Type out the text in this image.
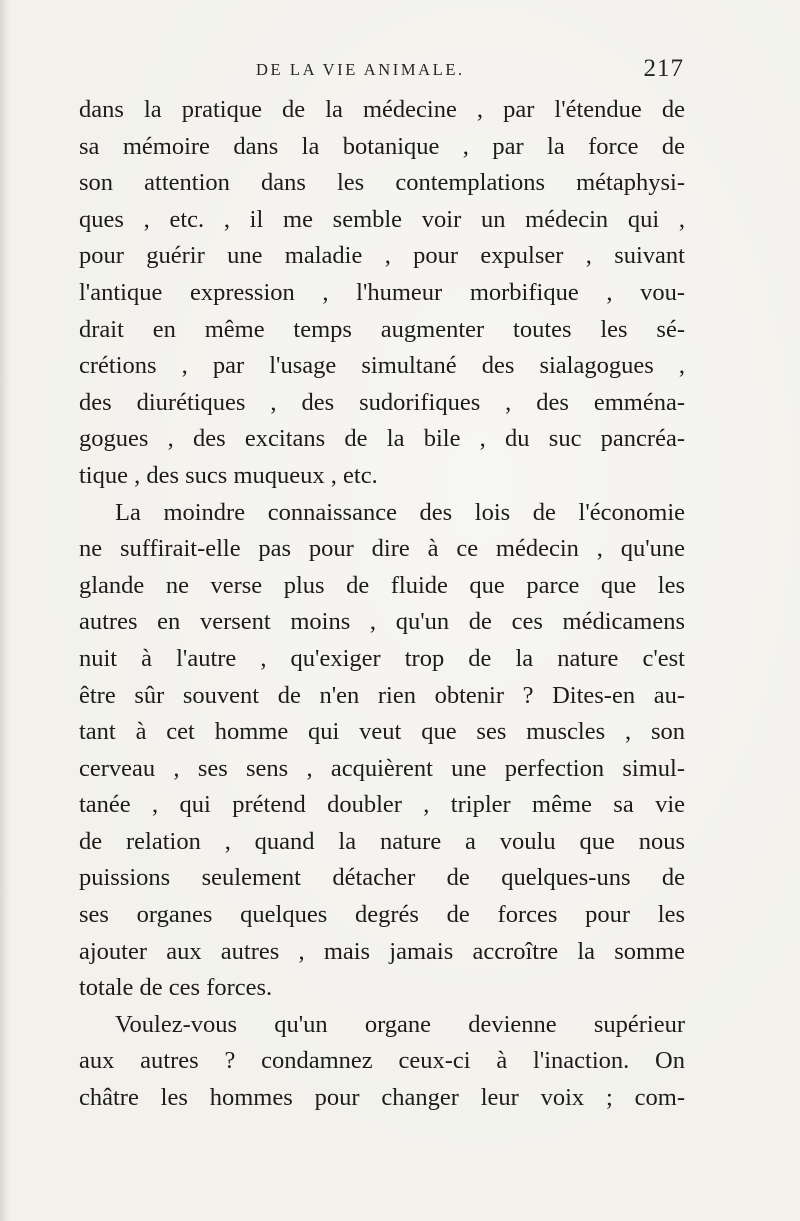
DE LA VIE ANIMALE.	217
dans la pratique de la médecine , par l'étendue de
sa mémoire dans la botanique , par la force de
son attention dans les contemplations métaphysi-
ques , etc. , il me semble voir un médecin qui ,
pour guérir une maladie , pour expulser , suivant
l'antique expression , l'humeur morbifique , vou-
drait en même temps augmenter toutes les sé-
crétions , par l'usage simultané des sialagogues ,
des diurétiques , des sudorifiques , des emména-
gogues , des excitans de la bile , du suc pancréa-
tique , des sucs muqueux , etc.
La moindre connaissance des lois de l'économie
ne suffirait-elle pas pour dire à ce médecin , qu'une
glande ne verse plus de fluide que parce que les
autres en versent moins , qu'un de ces médicamens
nuit à l'autre , qu'exiger trop de la nature c'est
être sûr souvent de n'en rien obtenir ? Dites-en au-
tant à cet homme qui veut que ses muscles , son
cerveau , ses sens , acquièrent une perfection simul-
tanée , qui prétend doubler , tripler même sa vie
de relation , quand la nature a voulu que nous
puissions seulement détacher de quelques-uns de
ses organes quelques degrés de forces pour les
ajouter aux autres , mais jamais accroître la somme
totale de ces forces.
Voulez-vous qu'un organe devienne supérieur
aux autres ? condamnez ceux-ci à l'inaction. On
châtre les hommes pour changer leur voix ; com-
